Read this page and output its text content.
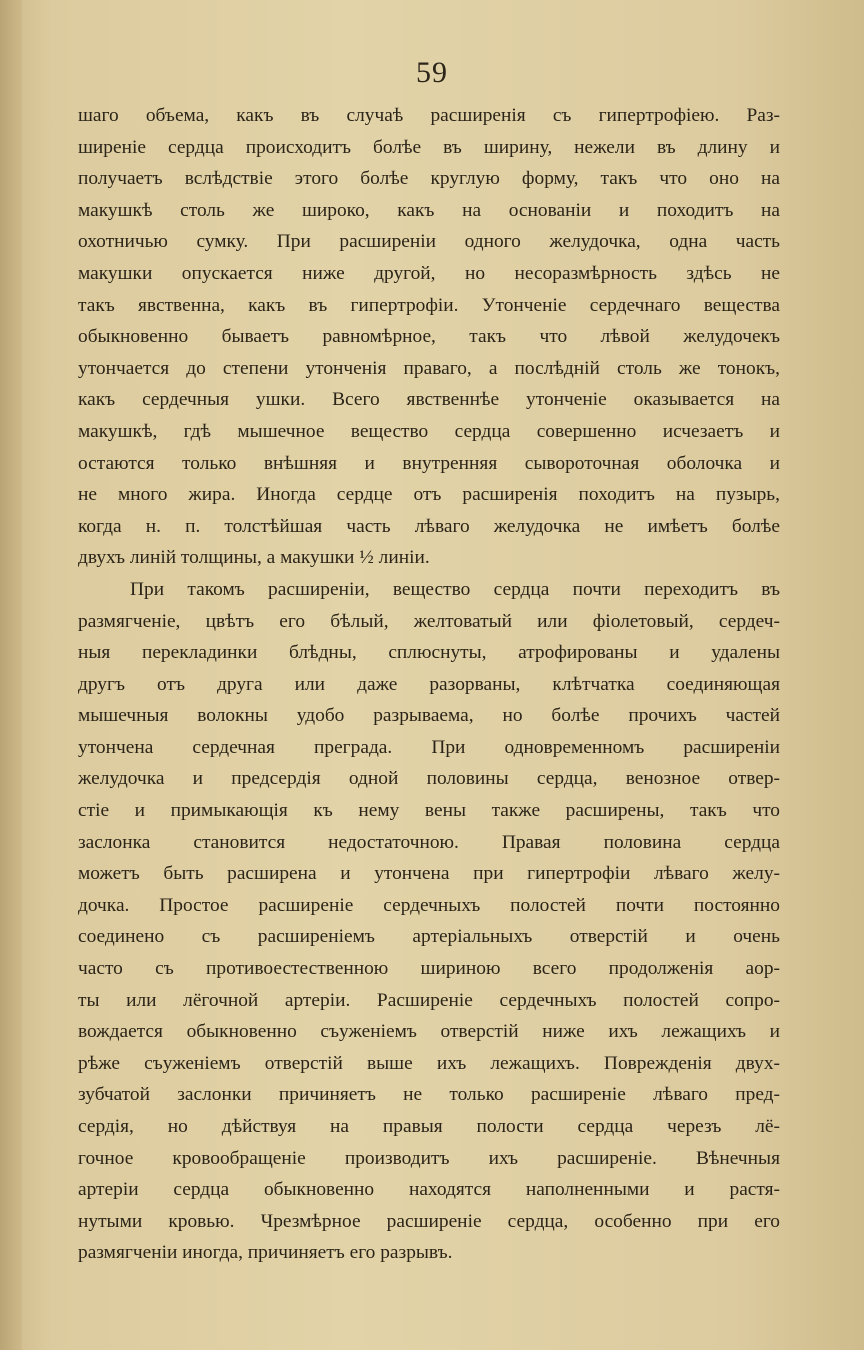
59
шаго объема, какъ въ случаѣ расширенія съ гипертрофіею. Раз-
ширеніе сердца происходитъ болѣе въ ширину, нежели въ длину и
получаетъ вслѣдствіе этого болѣе круглую форму, такъ что оно на
макушкѣ столь же широко, какъ на основаніи и походитъ на
охотничью сумку. При расширеніи одного желудочка, одна часть
макушки опускается ниже другой, но несоразмѣрность здѣсь не
такъ явственна, какъ въ гипертрофіи. Утонченіе сердечнаго вещества
обыкновенно бываетъ равномѣрное, такъ что лѣвой желудочекъ
утончается до степени утонченія праваго, а послѣдній столь же тонокъ,
какъ сердечныя ушки. Всего явственнѣе утонченіе оказывается на
макушкѣ, гдѣ мышечное вещество сердца совершенно исчезаетъ и
остаются только внѣшняя и внутренняя сывороточная оболочка и
не много жира. Иногда сердце отъ расширенія походитъ на пузырь,
когда н. п. толстѣйшая часть лѣваго желудочка не имѣетъ болѣе
двухъ линій толщины, а макушки ½ линіи.
При такомъ расширеніи, вещество сердца почти переходитъ въ
размягченіе, цвѣтъ его бѣлый, желтоватый или фіолетовый, сердеч-
ныя перекладинки блѣдны, сплюснуты, атрофированы и удалены
другъ отъ друга или даже разорваны, клѣтчатка соединяющая
мышечныя волокны удобо разрываема, но болѣе прочихъ частей
утончена сердечная преграда. При одновременномъ расширеніи
желудочка и предсердія одной половины сердца, венозное отвер-
стіе и примыкающія къ нему вены также расширены, такъ что
заслонка становится недостаточною. Правая половина сердца
можетъ быть расширена и утончена при гипертрофіи лѣваго желу-
дочка. Простое расширеніе сердечныхъ полостей почти постоянно
соединено съ расширеніемъ артеріальныхъ отверстій и очень
часто съ противоестественною шириною всего продолженія аор-
ты или лёгочной артеріи. Расширеніе сердечныхъ полостей сопро-
вождается обыкновенно съуженіемъ отверстій ниже ихъ лежащихъ и
рѣже съуженіемъ отверстій выше ихъ лежащихъ. Поврежденія двух-
зубчатой заслонки причиняетъ не только расширеніе лѣваго пред-
сердія, но дѣйствуя на правыя полости сердца черезъ лё-
гочное кровообращеніе производитъ ихъ расширеніе. Вѣнечныя
артеріи сердца обыкновенно находятся наполненными и растя-
нутыми кровью. Чрезмѣрное расширеніе сердца, особенно при его
размягченіи иногда, причиняетъ его разрывъ.
